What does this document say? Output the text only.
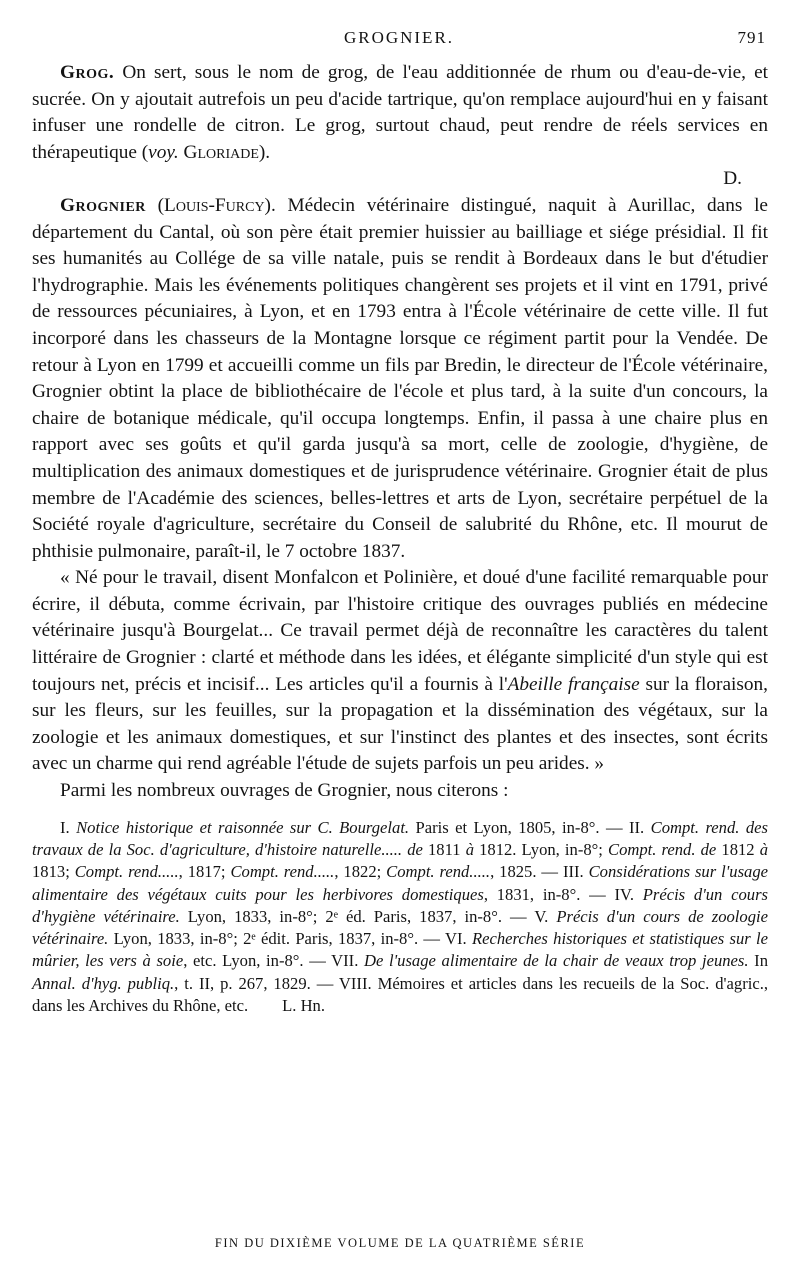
GROGNIER.	791

Grog. On sert, sous le nom de grog, de l'eau additionnée de rhum ou d'eau-de-vie, et sucrée. On y ajoutait autrefois un peu d'acide tartrique, qu'on remplace aujourd'hui en y faisant infuser une rondelle de citron. Le grog, surtout chaud, peut rendre de réels services en thérapeutique (voy. Gloriade).

D.

Grognier (Louis-Furcy). Médecin vétérinaire distingué, naquit à Aurillac, dans le département du Cantal, où son père était premier huissier au bailliage et siége présidial. Il fit ses humanités au Collége de sa ville natale, puis se rendit à Bordeaux dans le but d'étudier l'hydrographie. Mais les événements politiques changèrent ses projets et il vint en 1791, privé de ressources pécuniaires, à Lyon, et en 1793 entra à l'École vétérinaire de cette ville. Il fut incorporé dans les chasseurs de la Montagne lorsque ce régiment partit pour la Vendée. De retour à Lyon en 1799 et accueilli comme un fils par Bredin, le directeur de l'École vétérinaire, Grognier obtint la place de bibliothécaire de l'école et plus tard, à la suite d'un concours, la chaire de botanique médicale, qu'il occupa longtemps. Enfin, il passa à une chaire plus en rapport avec ses goûts et qu'il garda jusqu'à sa mort, celle de zoologie, d'hygiène, de multiplication des animaux domestiques et de jurisprudence vétérinaire. Grognier était de plus membre de l'Académie des sciences, belles-lettres et arts de Lyon, secrétaire perpétuel de la Société royale d'agriculture, secrétaire du Conseil de salubrité du Rhône, etc. Il mourut de phthisie pulmonaire, paraît-il, le 7 octobre 1837.

« Né pour le travail, disent Monfalcon et Polinière, et doué d'une facilité remarquable pour écrire, il débuta, comme écrivain, par l'histoire critique des ouvrages publiés en médecine vétérinaire jusqu'à Bourgelat... Ce travail permet déjà de reconnaître les caractères du talent littéraire de Grognier : clarté et méthode dans les idées, et élégante simplicité d'un style qui est toujours net, précis et incisif... Les articles qu'il a fournis à l'Abeille française sur la floraison, sur les fleurs, sur les feuilles, sur la propagation et la dissémination des végétaux, sur la zoologie et les animaux domestiques, et sur l'instinct des plantes et des insectes, sont écrits avec un charme qui rend agréable l'étude de sujets parfois un peu arides. »

Parmi les nombreux ouvrages de Grognier, nous citerons :

I. Notice historique et raisonnée sur C. Bourgelat. Paris et Lyon, 1805, in-8°. — II. Compt. rend. des travaux de la Soc. d'agriculture, d'histoire naturelle..... de 1811 à 1812. Lyon, in-8°; Compt. rend. de 1812 à 1813; Compt. rend....., 1817; Compt. rend....., 1822; Compt. rend....., 1825. — III. Considérations sur l'usage alimentaire des végétaux cuits pour les herbivores domestiques, 1831, in-8°. — IV. Précis d'un cours d'hygiène vétérinaire. Lyon, 1833, in-8°; 2ᵉ éd. Paris, 1837, in-8°. — V. Précis d'un cours de zoologie vétérinaire. Lyon, 1833, in-8°; 2ᵉ édit. Paris, 1837, in-8°. — VI. Recherches historiques et statistiques sur le mûrier, les vers à soie, etc. Lyon, in-8°. — VII. De l'usage alimentaire de la chair de veaux trop jeunes. In Annal. d'hyg. publiq., t. II, p. 267, 1829. — VIII. Mémoires et articles dans les recueils de la Soc. d'agric., dans les Archives du Rhône, etc. L. Hn.

FIN DU DIXIÈME VOLUME DE LA QUATRIÈME SÉRIE
